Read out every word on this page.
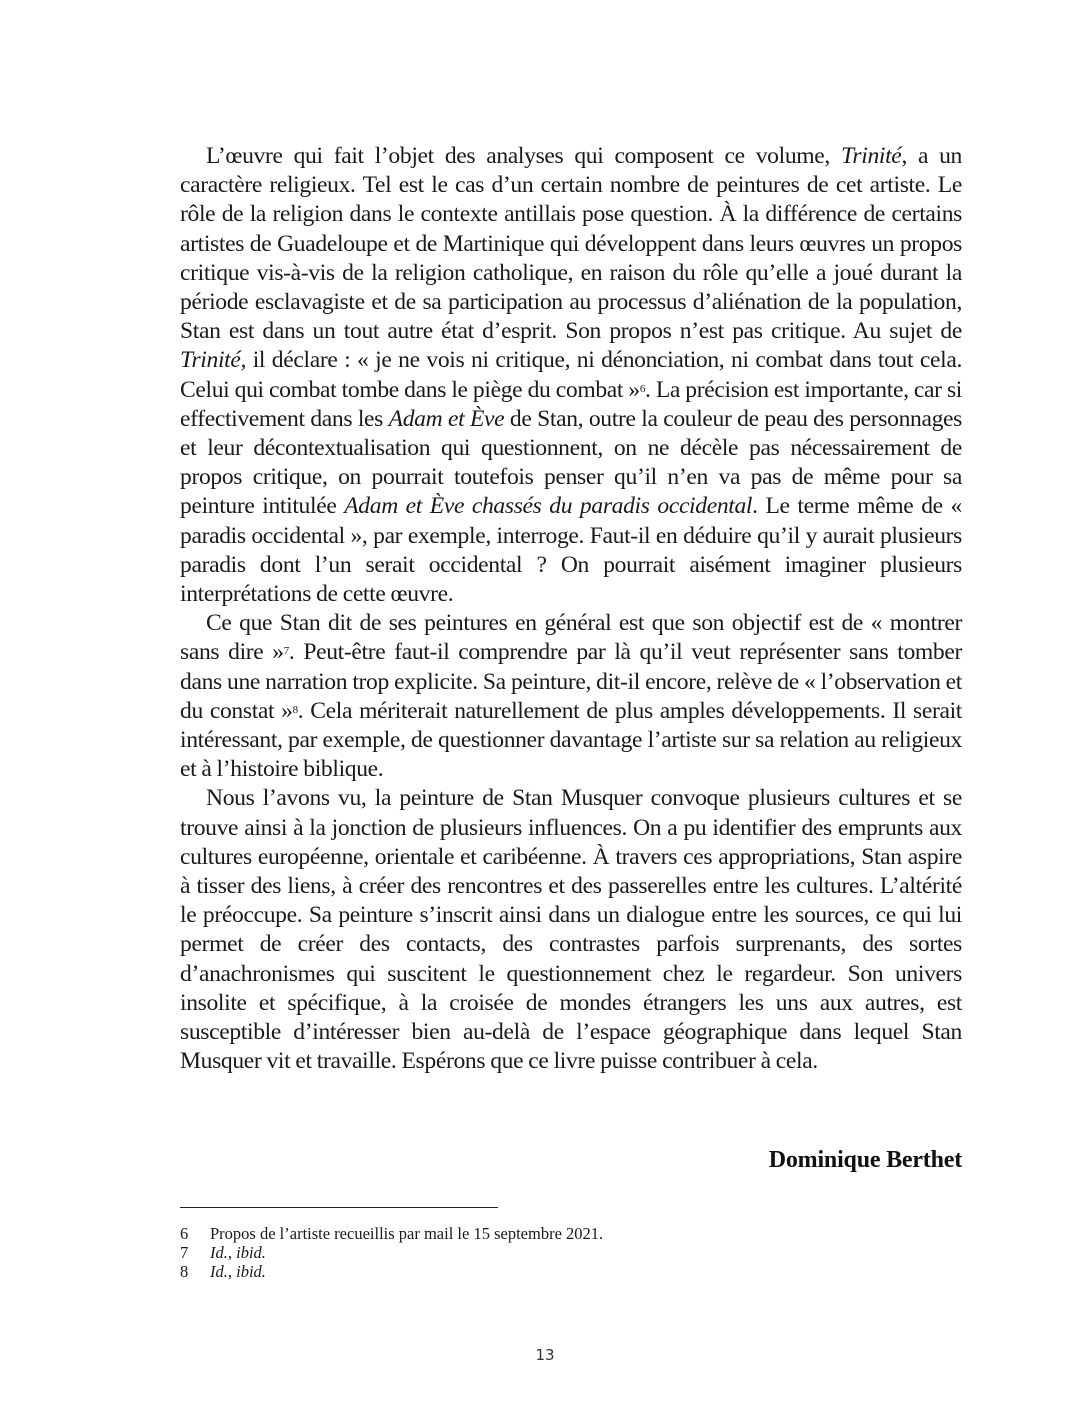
L’œuvre qui fait l’objet des analyses qui composent ce volume, Trinité, a un caractère religieux. Tel est le cas d’un certain nombre de peintures de cet artiste. Le rôle de la religion dans le contexte antillais pose question. À la différence de certains artistes de Guadeloupe et de Martinique qui développent dans leurs œuvres un propos critique vis-à-vis de la religion catholique, en raison du rôle qu’elle a joué durant la période esclavagiste et de sa participation au processus d’aliénation de la population, Stan est dans un tout autre état d’esprit. Son propos n’est pas critique. Au sujet de Trinité, il déclare : « je ne vois ni critique, ni dénonciation, ni combat dans tout cela. Celui qui combat tombe dans le piège du combat »$^6$. La précision est importante, car si effectivement dans les Adam et Ève de Stan, outre la couleur de peau des personnages et leur décontextualisation qui questionnent, on ne décèle pas nécessairement de propos critique, on pourrait toutefois penser qu’il n’en va pas de même pour sa peinture intitulée Adam et Ève chassés du paradis occidental. Le terme même de « paradis occidental », par exemple, interroge. Faut-il en déduire qu’il y aurait plusieurs paradis dont l’un serait occidental ? On pourrait aisément imaginer plusieurs interprétations de cette œuvre.

Ce que Stan dit de ses peintures en général est que son objectif est de « montrer sans dire »$^7$. Peut-être faut-il comprendre par là qu’il veut représenter sans tomber dans une narration trop explicite. Sa peinture, dit-il encore, relève de « l’observation et du constat »$^8$. Cela mériterait naturellement de plus amples développements. Il serait intéressant, par exemple, de questionner davantage l’artiste sur sa relation au religieux et à l’histoire biblique.

Nous l’avons vu, la peinture de Stan Musquer convoque plusieurs cultures et se trouve ainsi à la jonction de plusieurs influences. On a pu identifier des emprunts aux cultures européenne, orientale et caribéenne. À travers ces appropriations, Stan aspire à tisser des liens, à créer des rencontres et des passerelles entre les cultures. L’altérité le préoccupe. Sa peinture s’inscrit ainsi dans un dialogue entre les sources, ce qui lui permet de créer des contacts, des contrastes parfois surprenants, des sortes d’anachronismes qui suscitent le questionnement chez le regardeur. Son univers insolite et spécifique, à la croisée de mondes étrangers les uns aux autres, est susceptible d’intéresser bien au-delà de l’espace géographique dans lequel Stan Musquer vit et travaille. Espérons que ce livre puisse contribuer à cela.

Dominique Berthet
6	Propos de l’artiste recueillis par mail le 15 septembre 2021.
7	Id., ibid.
8	Id., ibid.
13
